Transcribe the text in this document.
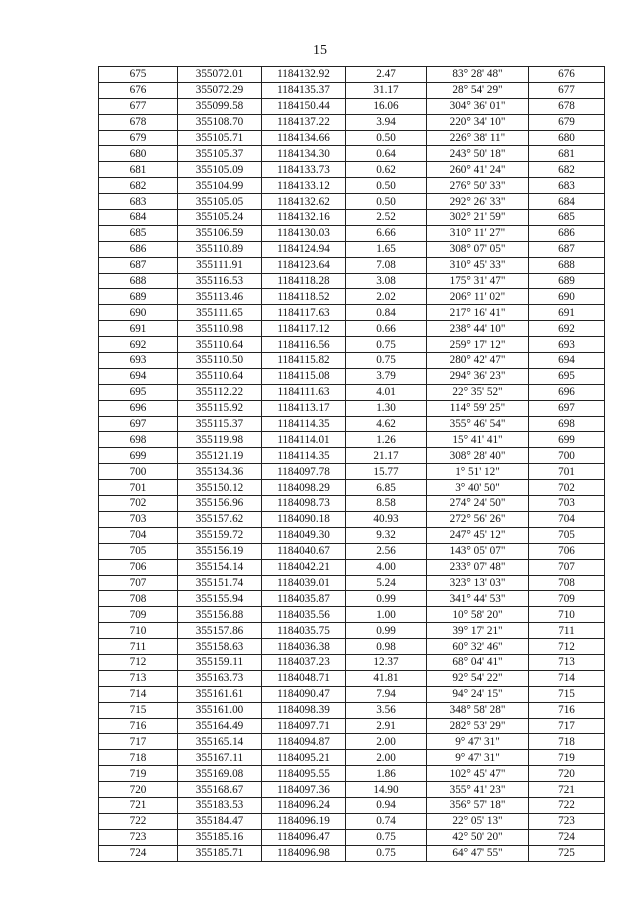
15
675	355072.01	1184132.92	2.47	83° 28' 48"	676
676	355072.29	1184135.37	31.17	28° 54' 29"	677
677	355099.58	1184150.44	16.06	304° 36' 01"	678
678	355108.70	1184137.22	3.94	220° 34' 10"	679
679	355105.71	1184134.66	0.50	226° 38' 11"	680
680	355105.37	1184134.30	0.64	243° 50' 18"	681
681	355105.09	1184133.73	0.62	260° 41' 24"	682
682	355104.99	1184133.12	0.50	276° 50' 33"	683
683	355105.05	1184132.62	0.50	292° 26' 33"	684
684	355105.24	1184132.16	2.52	302° 21' 59"	685
685	355106.59	1184130.03	6.66	310° 11' 27"	686
686	355110.89	1184124.94	1.65	308° 07' 05"	687
687	355111.91	1184123.64	7.08	310° 45' 33"	688
688	355116.53	1184118.28	3.08	175° 31' 47"	689
689	355113.46	1184118.52	2.02	206° 11' 02"	690
690	355111.65	1184117.63	0.84	217° 16' 41"	691
691	355110.98	1184117.12	0.66	238° 44' 10"	692
692	355110.64	1184116.56	0.75	259° 17' 12"	693
693	355110.50	1184115.82	0.75	280° 42' 47"	694
694	355110.64	1184115.08	3.79	294° 36' 23"	695
695	355112.22	1184111.63	4.01	22° 35' 52"	696
696	355115.92	1184113.17	1.30	114° 59' 25"	697
697	355115.37	1184114.35	4.62	355° 46' 54"	698
698	355119.98	1184114.01	1.26	15° 41' 41"	699
699	355121.19	1184114.35	21.17	308° 28' 40"	700
700	355134.36	1184097.78	15.77	1° 51' 12"	701
701	355150.12	1184098.29	6.85	3° 40' 50"	702
702	355156.96	1184098.73	8.58	274° 24' 50"	703
703	355157.62	1184090.18	40.93	272° 56' 26"	704
704	355159.72	1184049.30	9.32	247° 45' 12"	705
705	355156.19	1184040.67	2.56	143° 05' 07"	706
706	355154.14	1184042.21	4.00	233° 07' 48"	707
707	355151.74	1184039.01	5.24	323° 13' 03"	708
708	355155.94	1184035.87	0.99	341° 44' 53"	709
709	355156.88	1184035.56	1.00	10° 58' 20"	710
710	355157.86	1184035.75	0.99	39° 17' 21"	711
711	355158.63	1184036.38	0.98	60° 32' 46"	712
712	355159.11	1184037.23	12.37	68° 04' 41"	713
713	355163.73	1184048.71	41.81	92° 54' 22"	714
714	355161.61	1184090.47	7.94	94° 24' 15"	715
715	355161.00	1184098.39	3.56	348° 58' 28"	716
716	355164.49	1184097.71	2.91	282° 53' 29"	717
717	355165.14	1184094.87	2.00	9° 47' 31"	718
718	355167.11	1184095.21	2.00	9° 47' 31"	719
719	355169.08	1184095.55	1.86	102° 45' 47"	720
720	355168.67	1184097.36	14.90	355° 41' 23"	721
721	355183.53	1184096.24	0.94	356° 57' 18"	722
722	355184.47	1184096.19	0.74	22° 05' 13"	723
723	355185.16	1184096.47	0.75	42° 50' 20"	724
724	355185.71	1184096.98	0.75	64° 47' 55"	725
